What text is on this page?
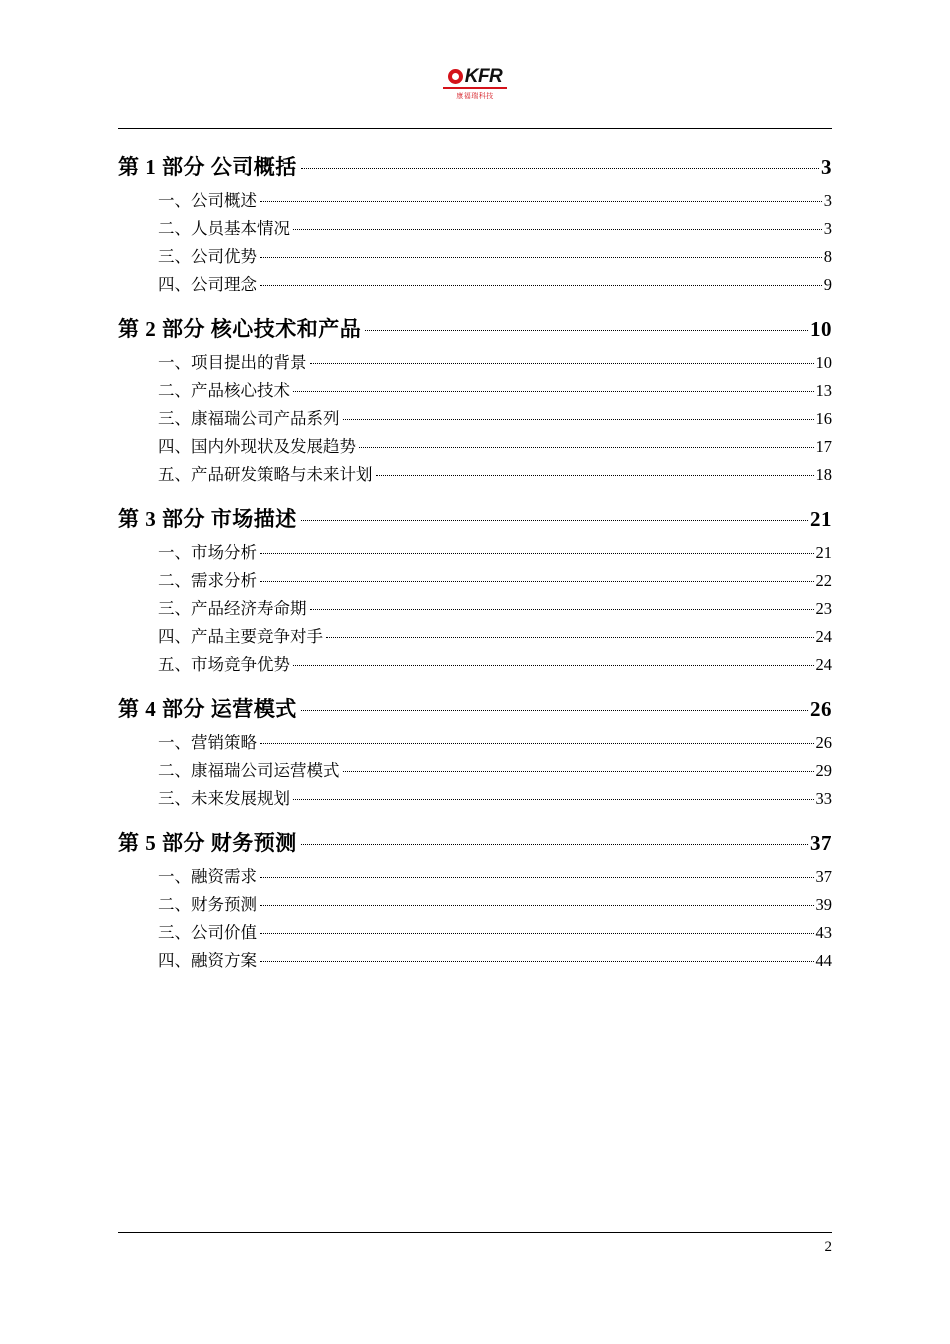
KFR
康福瑞科技
第 1 部分 公司概括	3
一、公司概述	3
二、人员基本情况	3
三、公司优势	8
四、公司理念	9
第 2 部分 核心技术和产品	10
一、项目提出的背景	10
二、产品核心技术	13
三、康福瑞公司产品系列	16
四、国内外现状及发展趋势	17
五、产品研发策略与未来计划	18
第 3 部分 市场描述	21
一、市场分析	21
二、需求分析	22
三、产品经济寿命期	23
四、产品主要竞争对手	24
五、市场竞争优势	24
第 4 部分 运营模式	26
一、营销策略	26
二、康福瑞公司运营模式	29
三、未来发展规划	33
第 5 部分 财务预测	37
一、融资需求	37
二、财务预测	39
三、公司价值	43
四、融资方案	44
2
